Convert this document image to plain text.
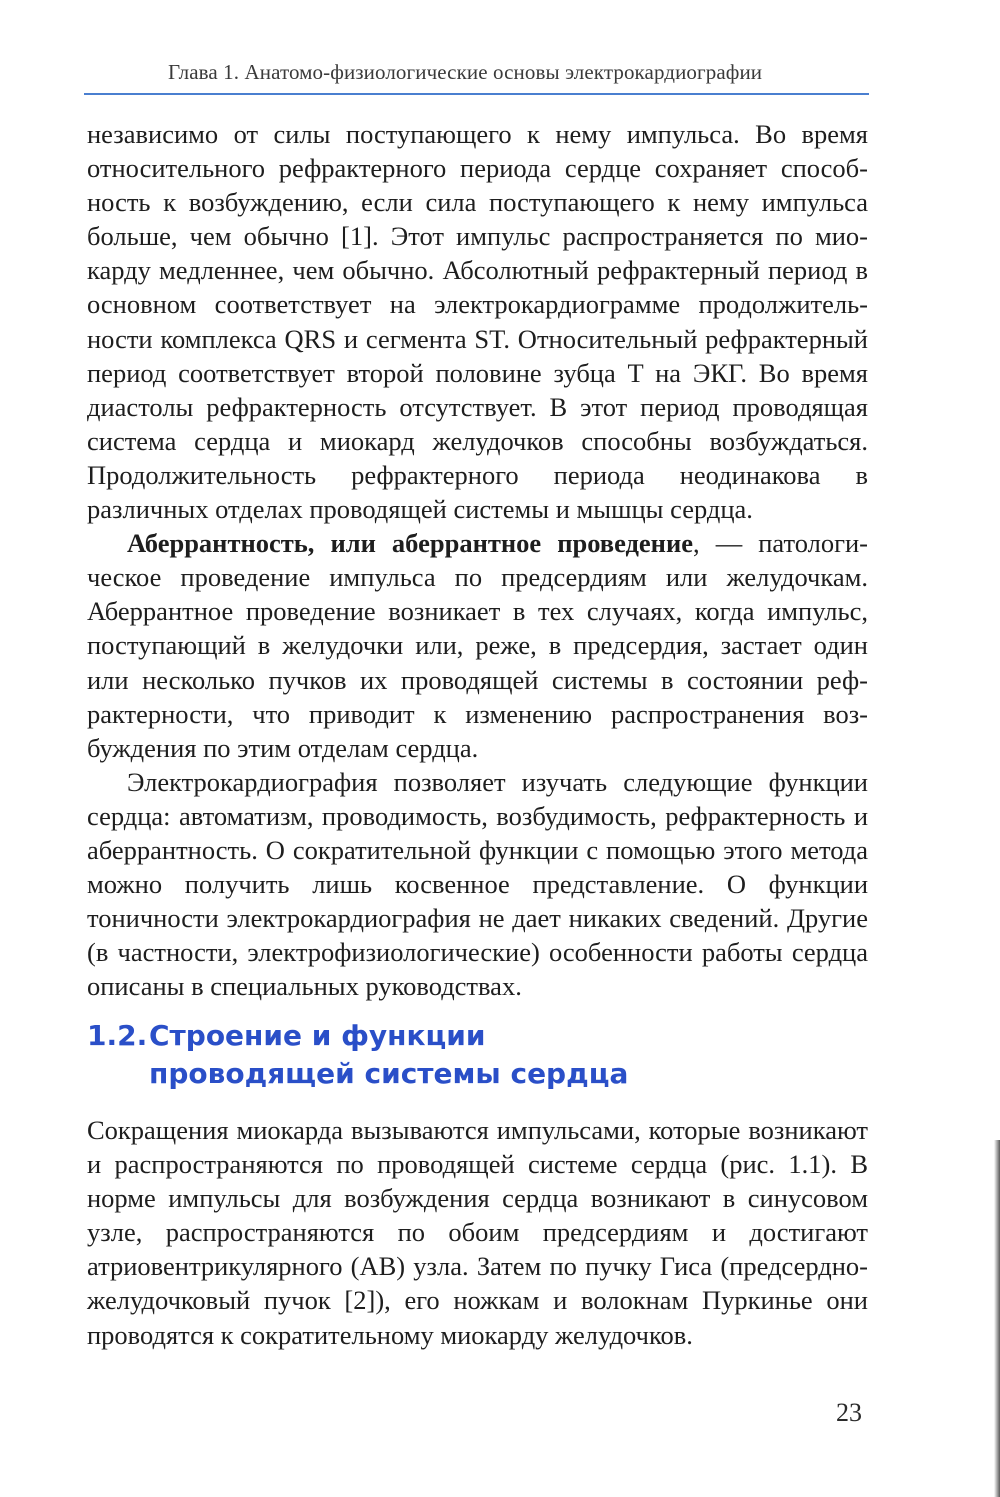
Глава 1. Анатомо-физиологические основы электрокардиографии

независимо от силы поступающего к нему импульса. Во время относительного рефрактерного периода сердце сохраняет способность к возбуждению, если сила поступающего к нему импульса больше, чем обычно [1]. Этот импульс распространяется по миокарду медленнее, чем обычно. Абсолютный рефрактерный период в основном соответствует на электрокардиограмме продолжительности комплекса QRS и сегмента ST. Относительный рефрактерный период соответствует второй половине зубца T на ЭКГ. Во время диастолы рефрактерность отсутствует. В этот период проводящая система сердца и миокард желудочков способны возбуждаться. Продолжительность рефрактерного периода неодинакова в различных отделах проводящей системы и мышцы сердца.

Аберрантность, или аберрантное проведение, — патологическое проведение импульса по предсердиям или желудочкам. Аберрантное проведение возникает в тех случаях, когда импульс, поступающий в желудочки или, реже, в предсердия, застает один или несколько пучков их проводящей системы в состоянии рефрактерности, что приводит к изменению распространения возбуждения по этим отделам сердца.

Электрокардиография позволяет изучать следующие функции сердца: автоматизм, проводимость, возбудимость, рефрактерность и аберрантность. О сократительной функции с помощью этого метода можно получить лишь косвенное представление. О функции тоничности электрокардиография не дает никаких сведений. Другие (в частности, электрофизиологические) особенности работы сердца описаны в специальных руководствах.

1.2.Строение и функции
проводящей системы сердца

Сокращения миокарда вызываются импульсами, которые возникают и распространяются по проводящей системе сердца (рис. 1.1). В норме импульсы для возбуждения сердца возникают в синусовом узле, распространяются по обоим предсердиям и достигают атриовентрикулярного (АВ) узла. Затем по пучку Гиса (предсердно-желудочковый пучок [2]), его ножкам и волокнам Пуркинье они проводятся к сократительному миокарду желудочков.

23
